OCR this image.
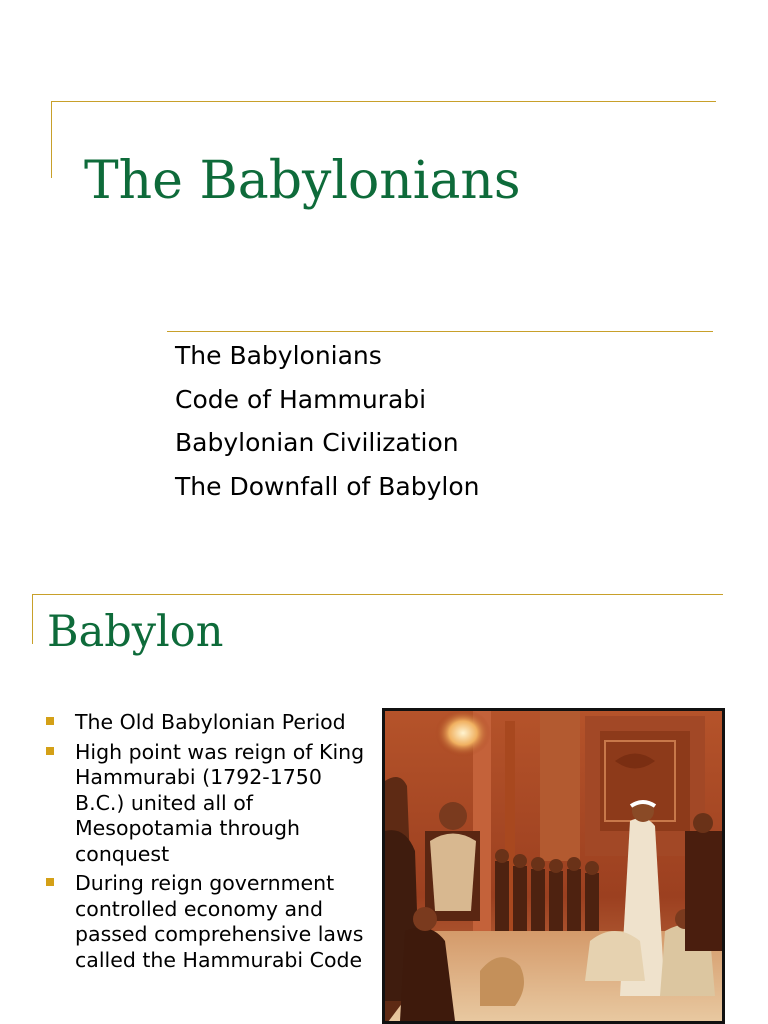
The Babylonians
The Babylonians
Code of Hammurabi
Babylonian Civilization
The Downfall of Babylon
Babylon
The Old Babylonian Period
High point was reign of King Hammurabi (1792-1750 B.C.) united all of Mesopotamia through conquest
During reign government controlled economy and passed comprehensive laws called the Hammurabi Code
